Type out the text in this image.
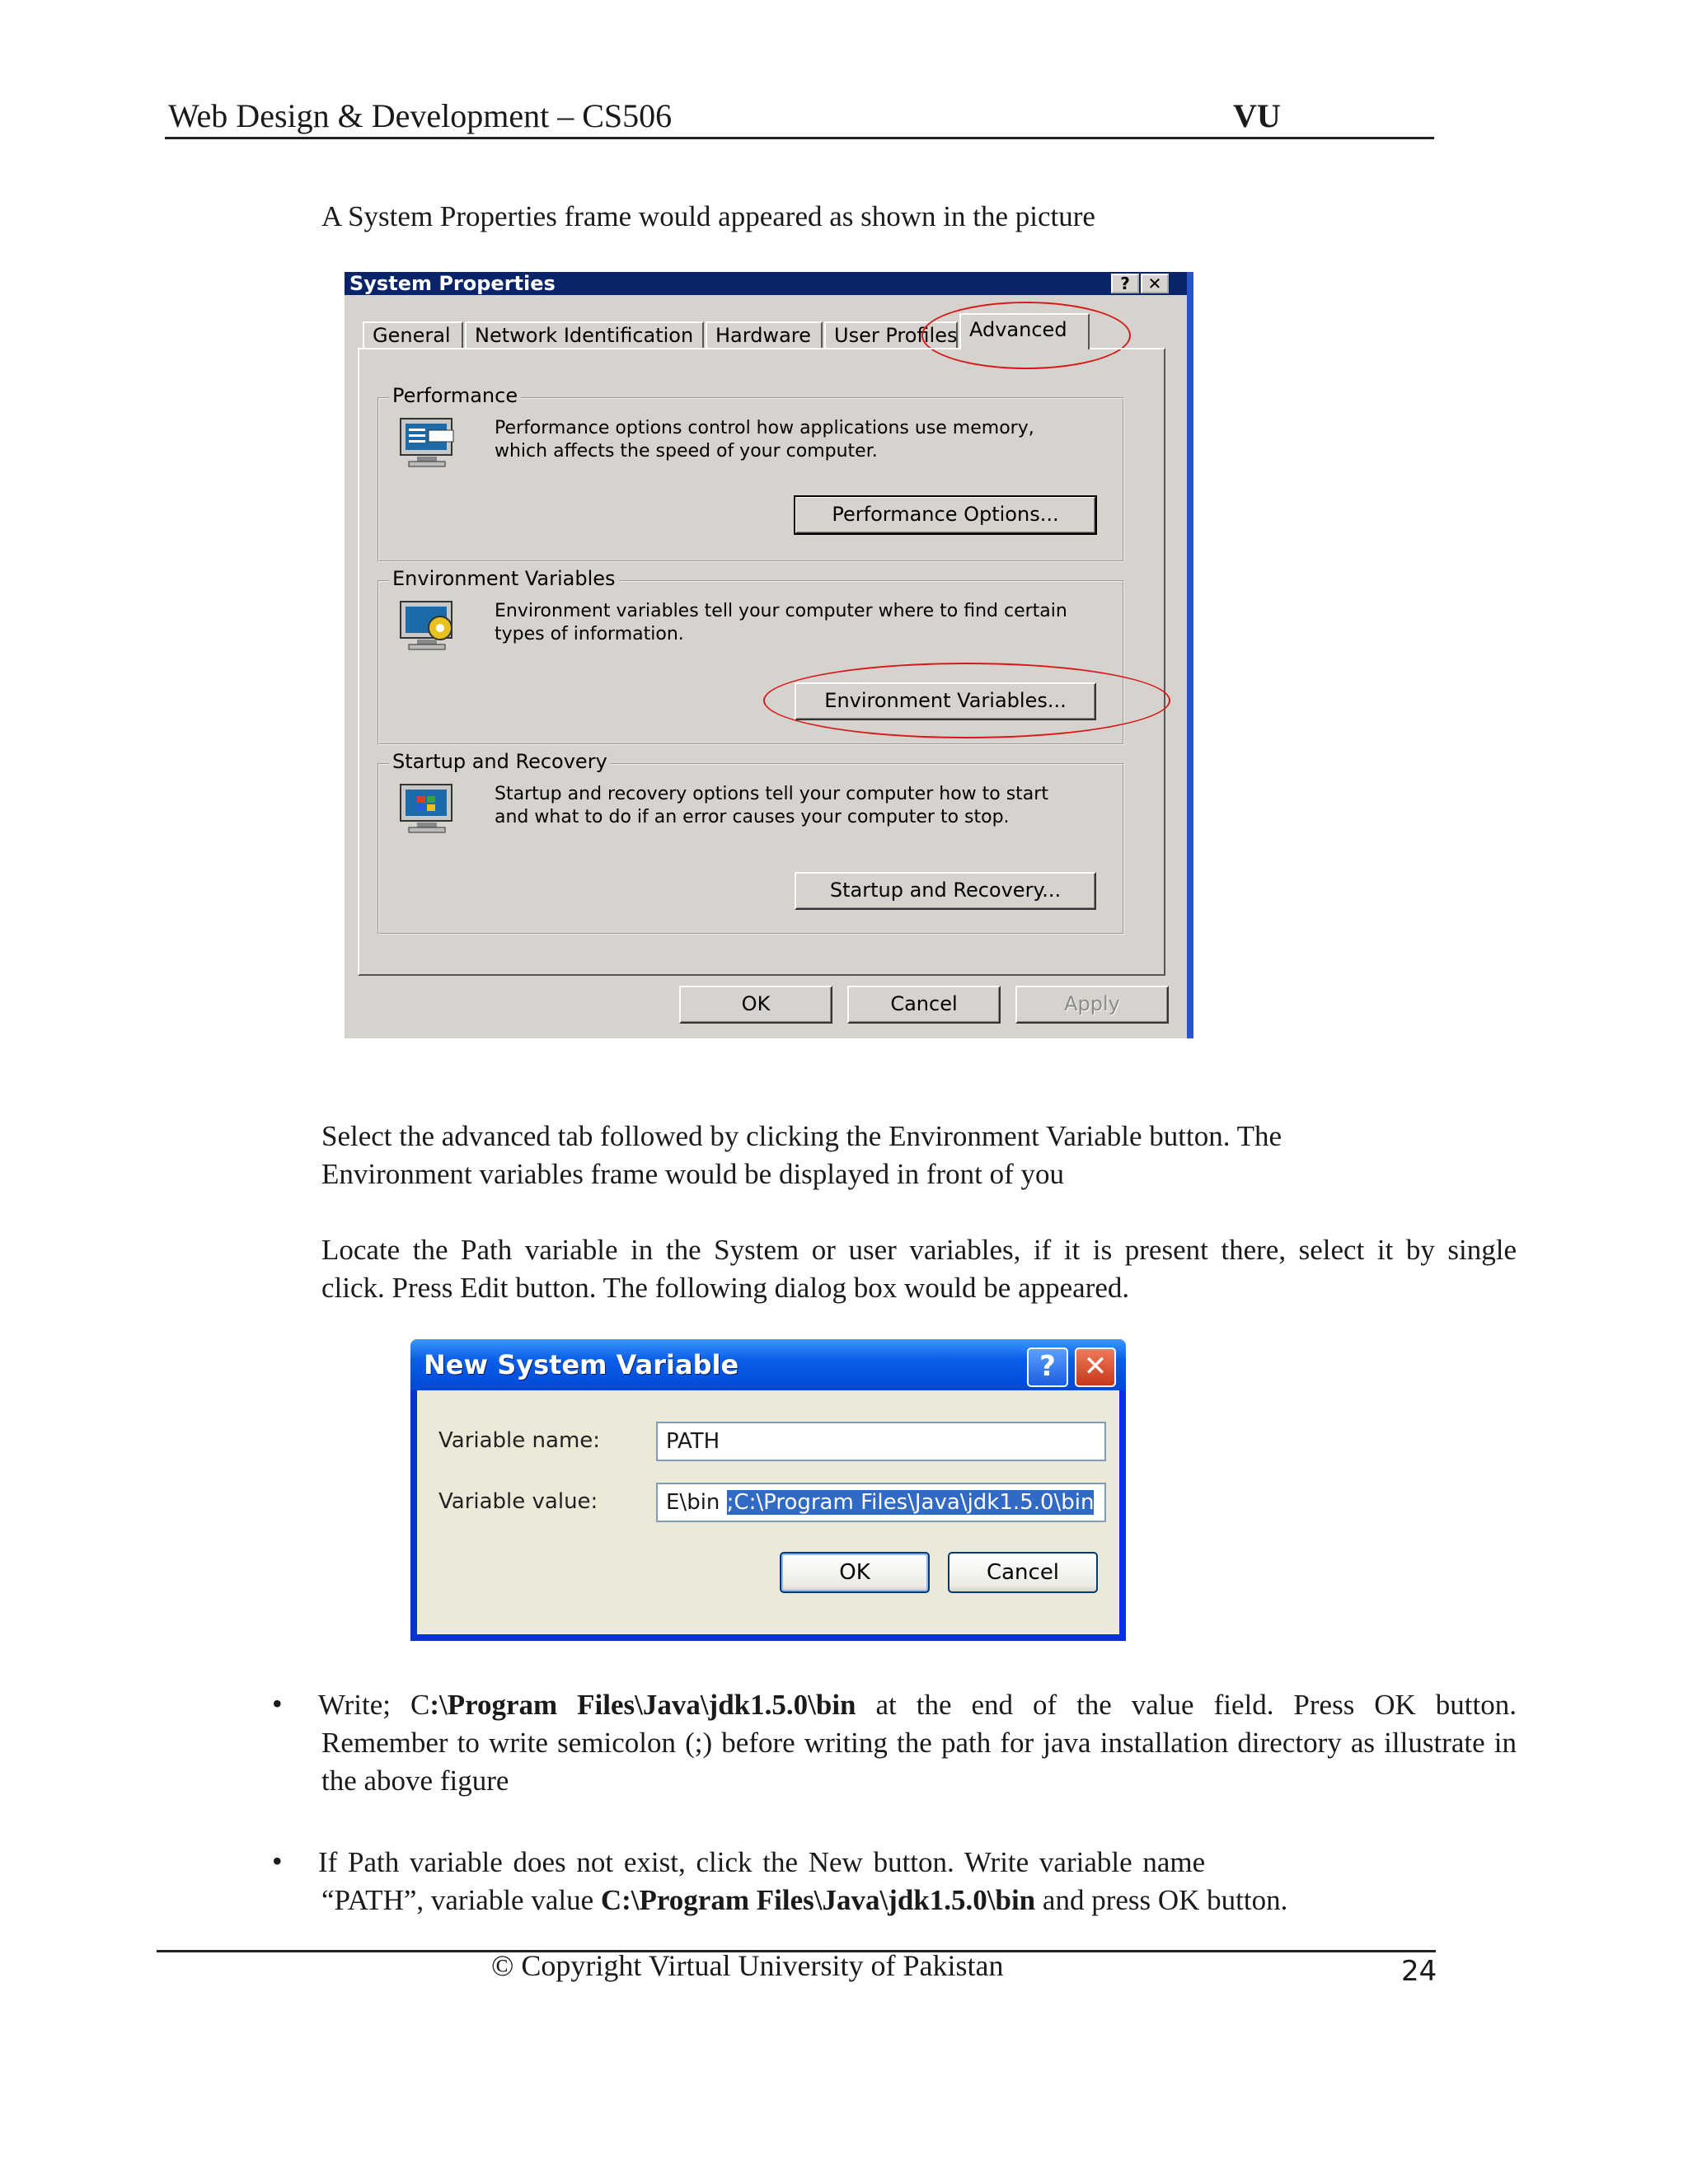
Web Design & Development – CS506	VU
A System Properties frame would appeared as shown in the picture
System Properties	?	✕
General	Network Identification	Hardware	User Profiles Advanced
Performance
Performance options control how applications use memory,
which affects the speed of your computer.
Performance Options...
Environment Variables
Environment variables tell your computer where to find certain
types of information.
Environment Variables...
Startup and Recovery
Startup and recovery options tell your computer how to start
and what to do if an error causes your computer to stop.
Startup and Recovery...
OK	Cancel	Apply
Select the advanced tab followed by clicking the Environment Variable button. The
Environment variables frame would be displayed in front of you
Locate the Path variable in the System or user variables, if it is present there, select it by single
click. Press Edit button. The following dialog box would be appeared.
New System Variable	? ✕
Variable name:	PATH
Variable value:	E\bin ;C:\Program Files\Java\jdk1.5.0\bin
OK	Cancel
• Write; C:\Program Files\Java\jdk1.5.0\bin at the end of the value field. Press OK button.
Remember to write semicolon (;) before writing the path for java installation directory as illustrate in
the above figure
• If Path variable does not exist, click the New button. Write variable name
“PATH”, variable value C:\Program Files\Java\jdk1.5.0\bin and press OK button.
© Copyright Virtual University of Pakistan	24
